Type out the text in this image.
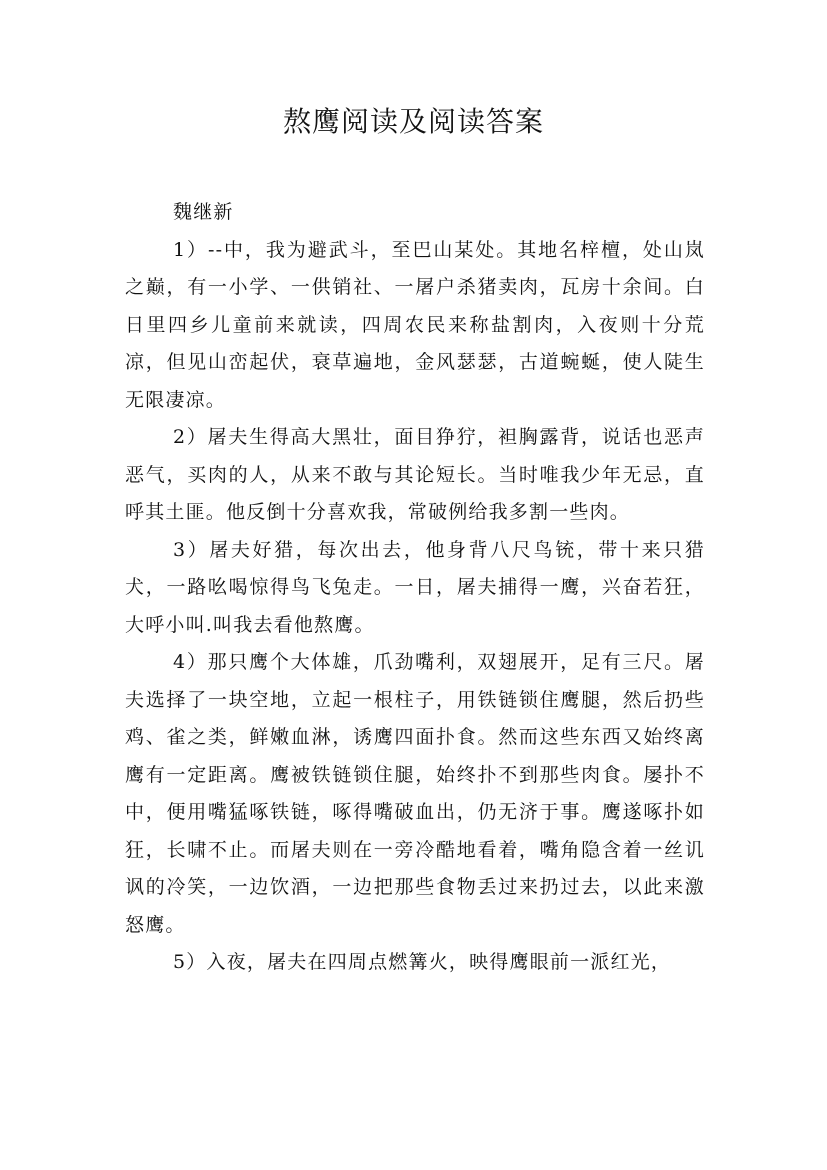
熬鹰阅读及阅读答案

魏继新

1）--中，我为避武斗，至巴山某处。其地名梓檀，处山岚之巅，有一小学、一供销社、一屠户杀猪卖肉，瓦房十余间。白日里四乡儿童前来就读，四周农民来称盐割肉，入夜则十分荒凉，但见山峦起伏，衰草遍地，金风瑟瑟，古道蜿蜒，使人陡生无限凄凉。

2）屠夫生得高大黑壮，面目狰狞，袒胸露背，说话也恶声恶气，买肉的人，从来不敢与其论短长。当时唯我少年无忌，直呼其土匪。他反倒十分喜欢我，常破例给我多割一些肉。

3）屠夫好猎，每次出去，他身背八尺鸟铳，带十来只猎犬，一路吆喝惊得鸟飞兔走。一日，屠夫捕得一鹰，兴奋若狂，大呼小叫.叫我去看他熬鹰。

4）那只鹰个大体雄，爪劲嘴利，双翅展开，足有三尺。屠夫选择了一块空地，立起一根柱子，用铁链锁住鹰腿，然后扔些鸡、雀之类，鲜嫩血淋，诱鹰四面扑食。然而这些东西又始终离鹰有一定距离。鹰被铁链锁住腿，始终扑不到那些肉食。屡扑不中，便用嘴猛啄铁链，啄得嘴破血出，仍无济于事。鹰遂啄扑如狂，长啸不止。而屠夫则在一旁冷酷地看着，嘴角隐含着一丝讥讽的冷笑，一边饮酒，一边把那些食物丢过来扔过去，以此来激怒鹰。

5）入夜，屠夫在四周点燃篝火，映得鹰眼前一派红光，
